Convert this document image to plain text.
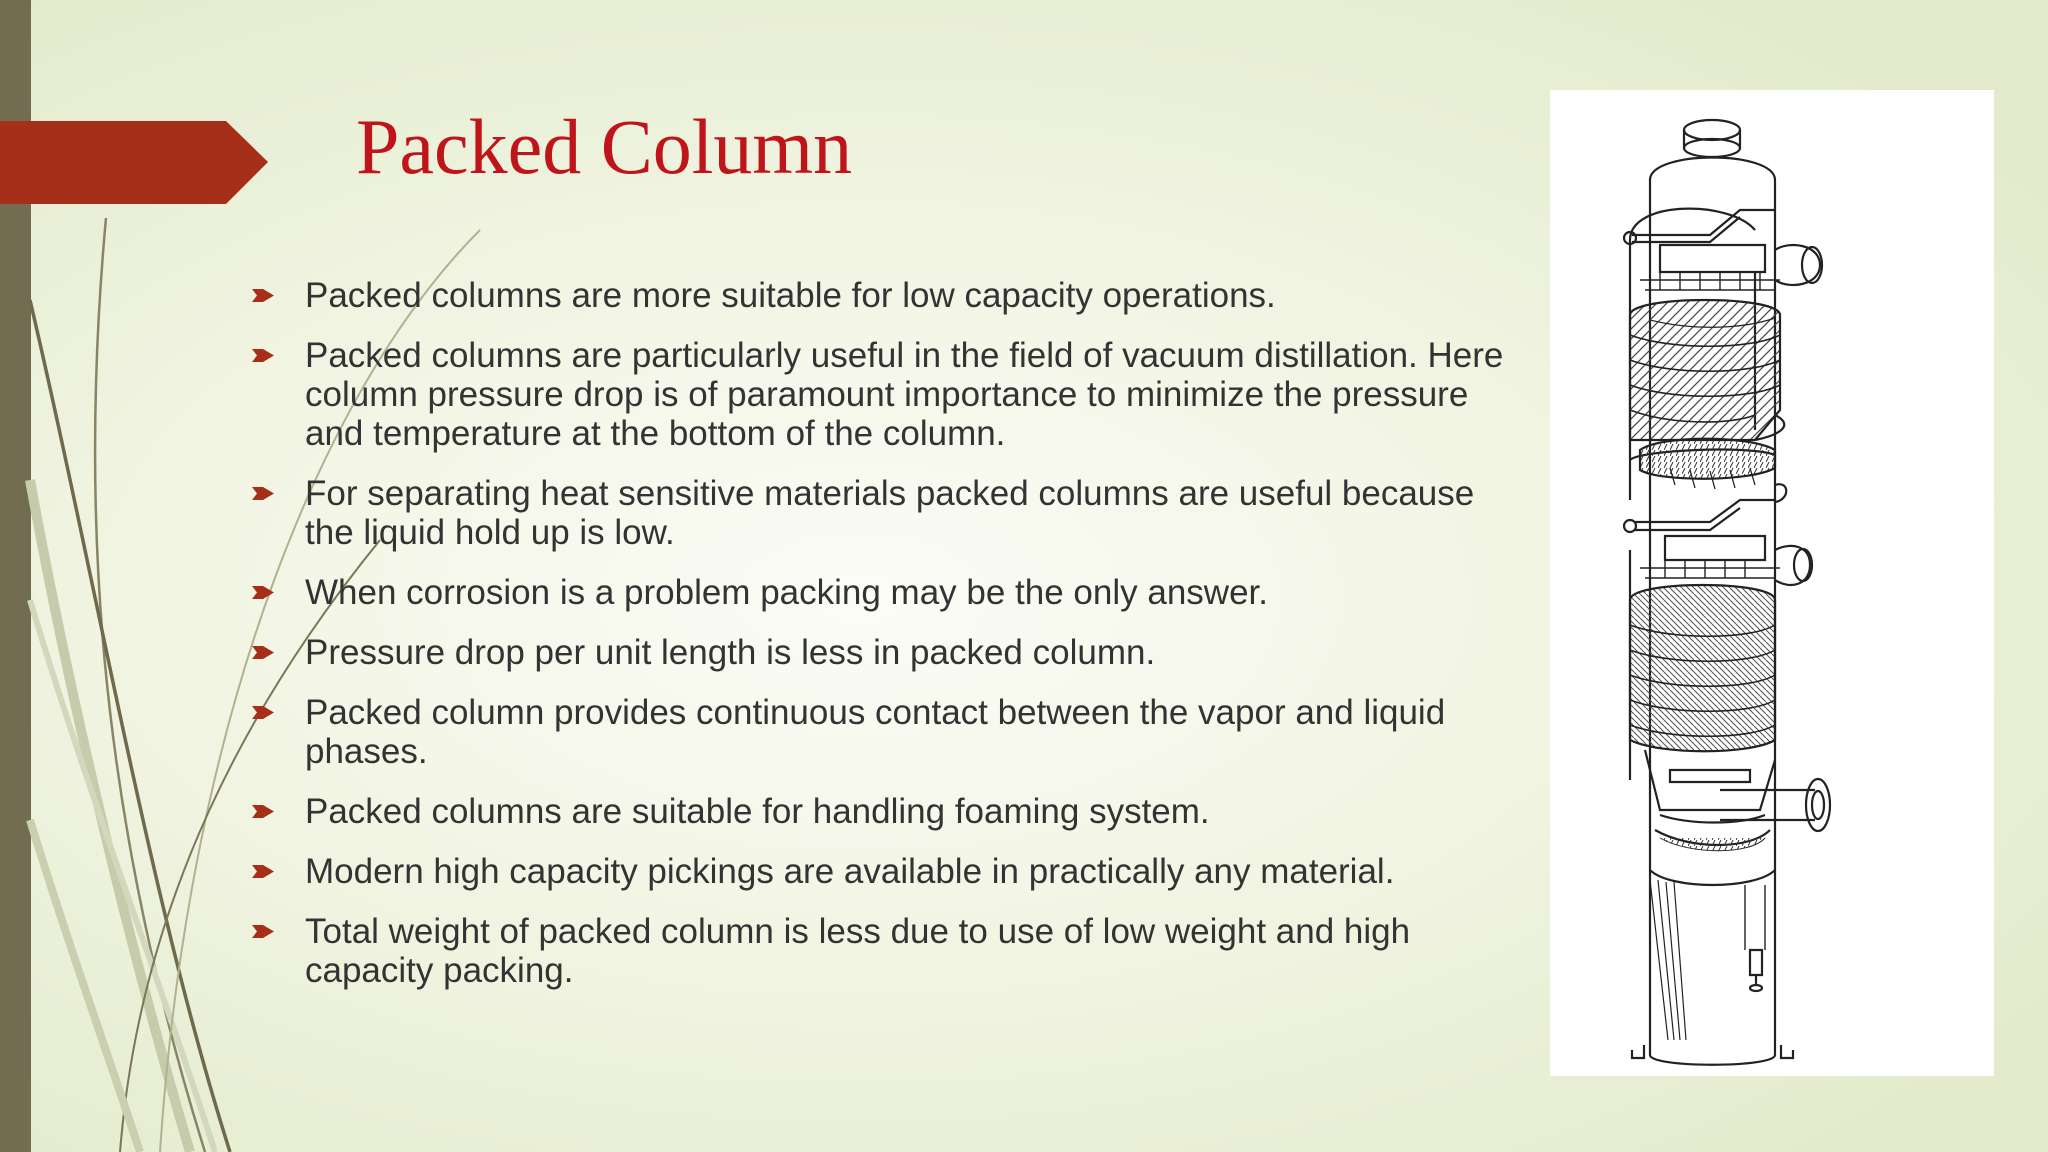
Packed Column
Packed columns are more suitable for low capacity operations.
Packed columns are particularly useful in the field of vacuum distillation. Here column pressure drop is of paramount importance to minimize the pressure and temperature at the bottom of the column.
For separating heat sensitive materials packed columns are useful because the liquid hold up is low.
When corrosion is a problem packing may be the only answer.
Pressure drop per unit length is less in packed column.
Packed column provides continuous contact between the vapor and liquid phases.
Packed columns are suitable for handling foaming system.
Modern high capacity pickings are available in practically any material.
Total weight of packed column is less due to use of low weight and high capacity packing.
